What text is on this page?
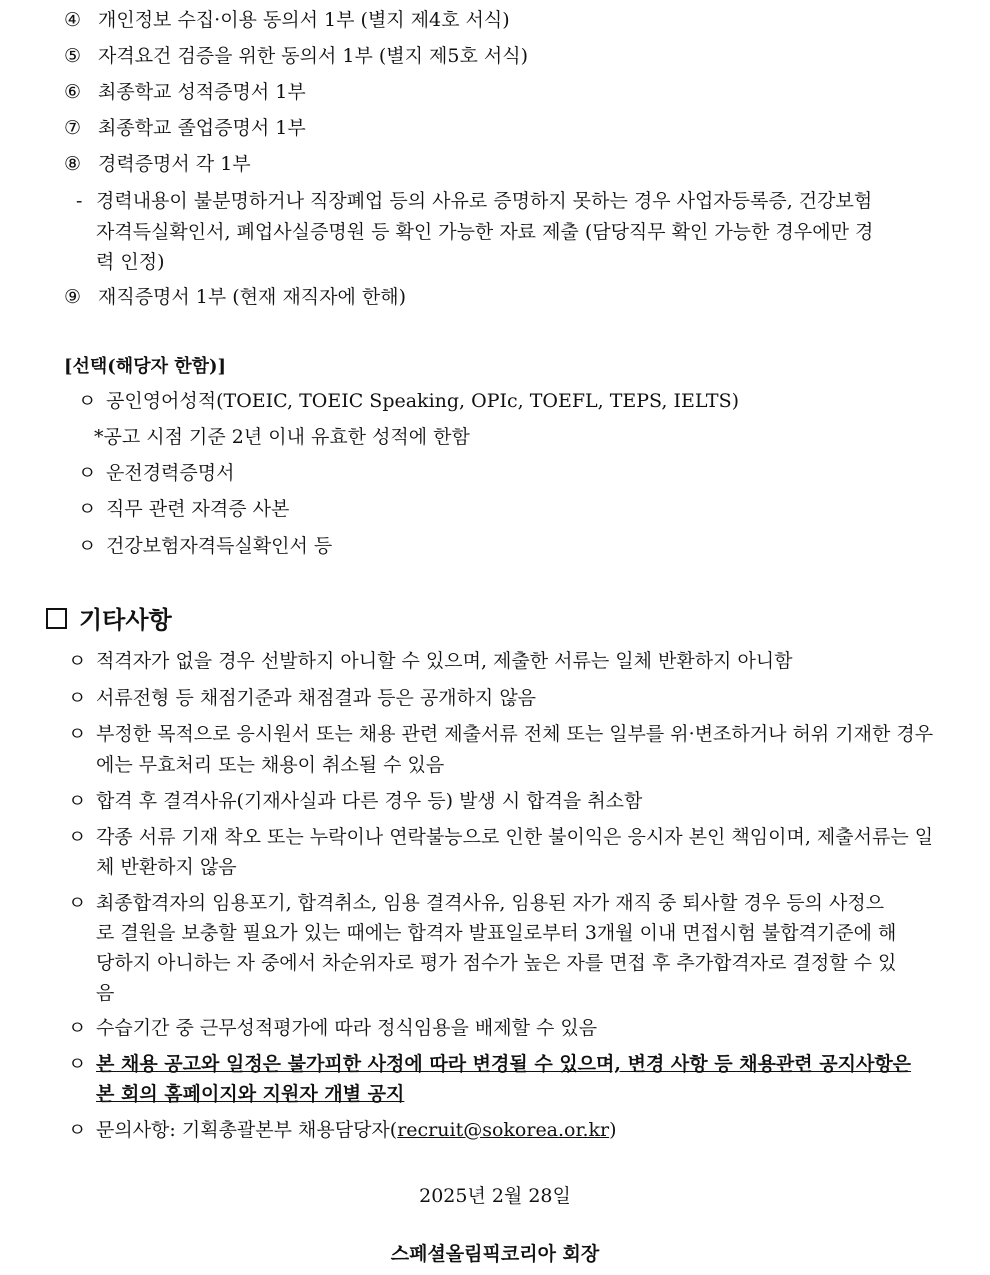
④ 개인정보 수집·이용 동의서 1부 (별지 제4호 서식)
⑤ 자격요건 검증을 위한 동의서 1부 (별지 제5호 서식)
⑥ 최종학교 성적증명서 1부
⑦ 최종학교 졸업증명서 1부
⑧ 경력증명서 각 1부
- 경력내용이 불분명하거나 직장폐업 등의 사유로 증명하지 못하는 경우 사업자등록증, 건강보험
자격득실확인서, 폐업사실증명원 등 확인 가능한 자료 제출 (담당직무 확인 가능한 경우에만 경
력 인정)
⑨ 재직증명서 1부 (현재 재직자에 한해)
[선택(해당자 한함)]
ㅇ 공인영어성적(TOEIC, TOEIC Speaking, OPIc, TOEFL, TEPS, IELTS)
*공고 시점 기준 2년 이내 유효한 성적에 한함
ㅇ 운전경력증명서
ㅇ 직무 관련 자격증 사본
ㅇ 건강보험자격득실확인서 등
기타사항
ㅇ 적격자가 없을 경우 선발하지 아니할 수 있으며, 제출한 서류는 일체 반환하지 아니함
ㅇ 서류전형 등 채점기준과 채점결과 등은 공개하지 않음
ㅇ 부정한 목적으로 응시원서 또는 채용 관련 제출서류 전체 또는 일부를 위·변조하거나 허위 기재한 경우
에는 무효처리 또는 채용이 취소될 수 있음
ㅇ 합격 후 결격사유(기재사실과 다른 경우 등) 발생 시 합격을 취소함
ㅇ 각종 서류 기재 착오 또는 누락이나 연락불능으로 인한 불이익은 응시자 본인 책임이며, 제출서류는 일
체 반환하지 않음
ㅇ 최종합격자의 임용포기, 합격취소, 임용 결격사유, 임용된 자가 재직 중 퇴사할 경우 등의 사정으
로 결원을 보충할 필요가 있는 때에는 합격자 발표일로부터 3개월 이내 면접시험 불합격기준에 해
당하지 아니하는 자 중에서 차순위자로 평가 점수가 높은 자를 면접 후 추가합격자로 결정할 수 있
음
ㅇ 수습기간 중 근무성적평가에 따라 정식임용을 배제할 수 있음
ㅇ 본 채용 공고와 일정은 불가피한 사정에 따라 변경될 수 있으며, 변경 사항 등 채용관련 공지사항은
본 회의 홈페이지와 지원자 개별 공지
ㅇ 문의사항: 기획총괄본부 채용담당자(recruit@sokorea.or.kr)
2025년 2월 28일
스페셜올림픽코리아 회장
